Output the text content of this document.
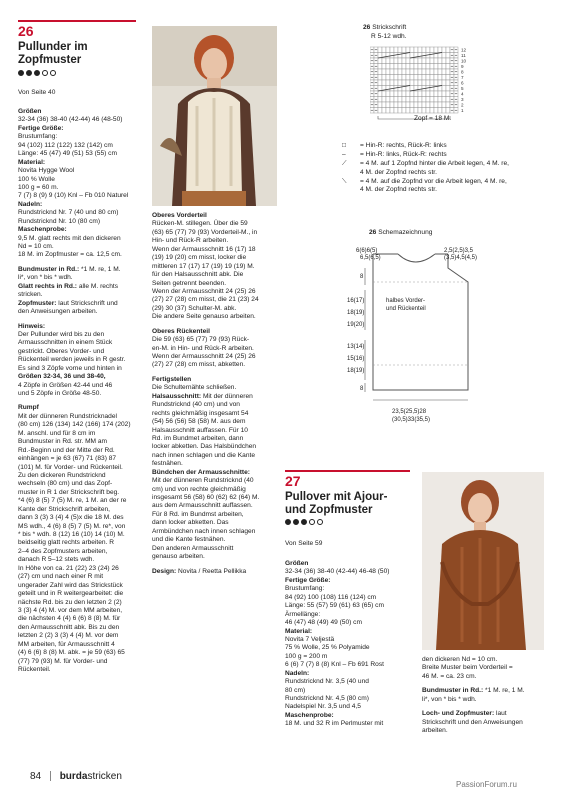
26
Pullunder im
Zopfmuster
Von Seite 40
Größen
32-34 (36) 38-40 (42-44) 46 (48-50)
Fertige Größe:
Brustumfang:
94 (102) 112 (122) 132 (142) cm
Länge: 45 (47) 49 (51) 53 (55) cm
Material:
Novita Hygge Wool
100 % Wolle
100 g = 60 m.
7 (7) 8 (9) 9 (10) Knl – Fb 010 Naturel
Nadeln:
Rundstricknd Nr. 7 (40 und 80 cm)
Rundstricknd Nr. 10 (80 cm)
Maschenprobe:
9,5 M. glatt rechts mit den dickeren
Nd = 10 cm.
18 M. im Zopfmuster = ca. 12,5 cm.
Bundmuster in Rd.: *1 M. re, 1 M.
li*, von * bis * wdh.
Glatt rechts in Rd.: alle M. rechts
stricken.
Zopfmuster: laut Strickschrift und
den Anweisungen arbeiten.
Hinweis:
Der Pullunder wird bis zu den
Armausschnitten in einem Stück
gestrickt. Oberes Vorder- und
Rückenteil werden jeweils in R gestr.
Es sind 3 Zöpfe vorne und hinten in
Größen 32-34, 36 und 38-40,
4 Zöpfe in Größen 42-44 und 46
und 5 Zöpfe in Größe 48-50.
Rumpf
Mit der dünneren Rundstricknadel
(80 cm) 126 (134) 142 (166) 174 (202)
M. anschl. und für 8 cm im
Bundmuster in Rd. str. MM am
Rd.-Beginn und der Mitte der Rd.
einhängen = je 63 (67) 71 (83) 87
(101) M. für Vorder- und Rückenteil.
Zu den dickeren Rundstricknd
wechseln (80 cm) und das Zopf-
muster in R 1 der Strickschrift beg.
*4 (6) 8 (5) 7 (5) M. re, 1 M. an der re
Kante der Strickschrift arbeiten,
dann 3 (3) 3 (4) 4 (5)x die 18 M. des
MS wdh., 4 (6) 8 (5) 7 (5) M. re*, von
* bis * wdh. 8 (12) 16 (10) 14 (10) M.
beidseitig glatt rechts arbeiten. R
2–4 des Zopfmusters arbeiten,
danach R 5–12 stets wdh.
In Höhe von ca. 21 (22) 23 (24) 26
(27) cm und nach einer R mit
ungerader Zahl wird das Strickstück
geteilt und in R weitergearbeitet: die
nächste Rd. bis zu den letzten 2 (2)
3 (3) 4 (4) M. vor dem MM arbeiten,
die nächsten 4 (4) 6 (6) 8 (8) M. für
den Armausschnitt abk. Bis zu den
letzten 2 (2) 3 (3) 4 (4) M. vor dem
MM arbeiten, für Armausschnitt 4
(4) 6 (6) 8 (8) M. abk. = je 59 (63) 65
(77) 79 (93) M. für Vorder- und
Rückenteil.
Oberes Vorderteil
Rücken-M. stillegen. Über die 59
(63) 65 (77) 79 (93) Vorderteil-M., in
Hin- und Rück-R arbeiten.
Wenn der Armausschnitt 16 (17) 18
(19) 19 (20) cm misst, locker die
mittleren 17 (17) 17 (19) 19 (19) M.
für den Halsausschnitt abk. Die
Seiten getrennt beenden.
Wenn der Armausschnitt 24 (25) 26
(27) 27 (28) cm misst, die 21 (23) 24
(29) 30 (37) Schulter-M. abk.
Die andere Seite genauso arbeiten.
Oberes Rückenteil
Die 59 (63) 65 (77) 79 (93) Rück-
en-M. in Hin- und Rück-R arbeiten.
Wenn der Armausschnitt 24 (25) 26
(27) 27 (28) cm misst, abketten.
Fertigstellen
Die Schulternähte schließen.
Halsausschnitt: Mit der dünneren
Rundstricknd (40 cm) und von
rechts gleichmäßig insgesamt 54
(54) 56 (56) 58 (58) M. aus dem
Halsausschnitt auffassen. Für 10
Rd. im Bundmet arbeiten, dann
locker abketten. Das Halsbündchen
nach innen schlagen und die Kante
festnähen.
Bündchen der Armausschnitte:
Mit der dünneren Rundstricknd (40
cm) und von rechte gleichmäßig
insgesamt 56 (58) 60 (62) 62 (64) M.
aus dem Armausschnitt auffassen.
Für 8 Rd. im Bundmst arbeiten,
dann locker abketten. Das
Armbündchen nach innen schlagen
und die Kante festnähen.
Den anderen Armausschnitt
genauso arbeiten.
Design: Novita / Reetta Pellikka
26 Strickschrift
R 5-12 wdh.
12
11
10
9
8
7
6
5
4
3
2
1
Zopf = 18 M.
□	= Hin-R: rechts, Rück-R: links
–	= Hin-R: links, Rück-R: rechts
⟋	= 4 M. auf 1 Zopfnd hinter die Arbeit legen, 4 M. re,
4 M. der Zopfnd rechts str.
⟍	= 4 M. auf die Zopfnd vor die Arbeit legen, 4 M. re,
4 M. der Zopfnd rechts str.
26 Schemazeichnung
6(6)6(5)
6,5(6,5)
2,5(2,5)3,5
(3,5)4,5(4,5)
8
16(17)
18(19)
19(20)
halbes Vorder-
und Rückenteil
13(14)
15(16)
18(19)
8
23,5(25,5)28
(30,5)33(35,5)
27
Pullover mit Ajour-
und Zopfmuster
Von Seite 59
Größen
32-34 (36) 38-40 (42-44) 46-48 (50)
Fertige Größe:
Brustumfang:
84 (92) 100 (108) 116 (124) cm
Länge: 55 (57) 59 (61) 63 (65) cm
Ärmellänge:
46 (47) 48 (49) 49 (50) cm
Material:
Novita 7 Veljestä
75 % Wolle, 25 % Polyamide
100 g = 200 m
6 (6) 7 (7) 8 (8) Knl – Fb 691 Rost
Nadeln:
Rundstricknd Nr. 3,5 (40 und
80 cm)
Rundstricknd Nr. 4,5 (80 cm)
Nadelspiel Nr. 3,5 und 4,5
Maschenprobe:
18 M. und 32 R im Perlmuster mit
den dickeren Nd = 10 cm.
Breite Muster beim Vorderteil =
46 M. = ca. 23 cm.
Bundmuster in Rd.: *1 M. re, 1 M.
li*, von * bis * wdh.
Loch- und Zopfmuster: laut
Strickschrift und den Anweisungen
arbeiten.
84 burdastricken
PassionForum.ru
